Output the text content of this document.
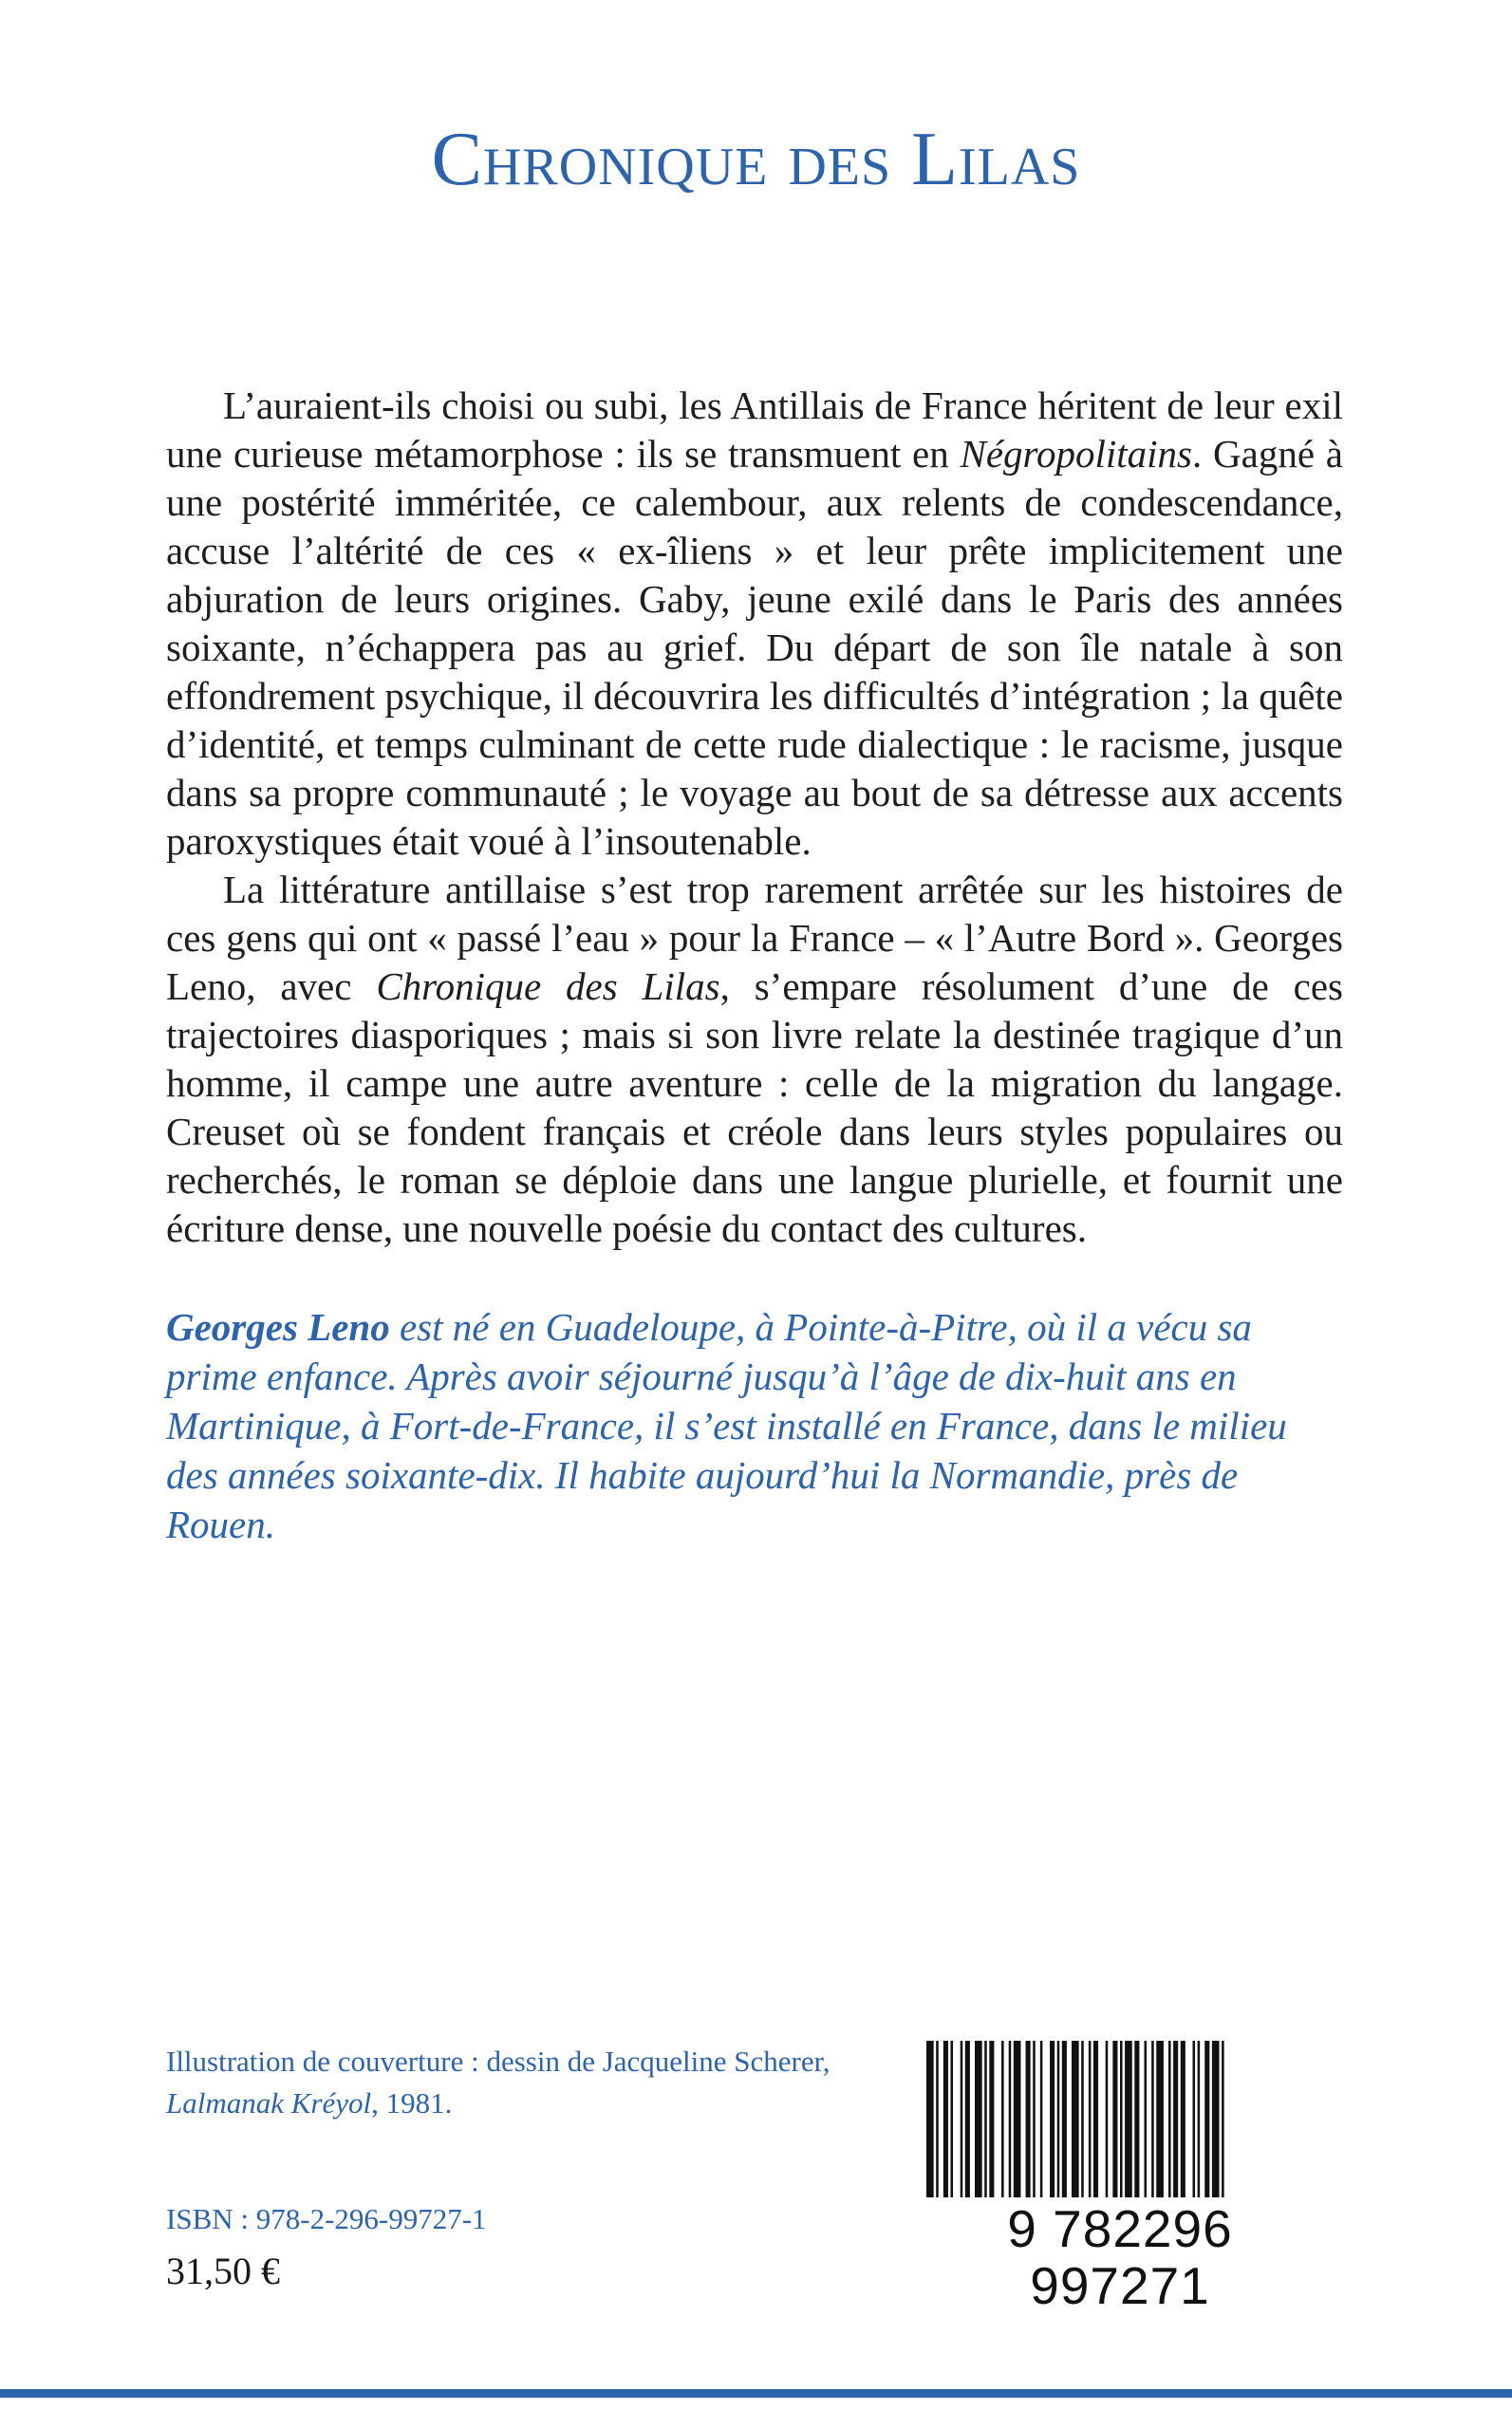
Chronique des Lilas

L’auraient-ils choisi ou subi, les Antillais de France héritent de leur exil une curieuse métamorphose : ils se transmuent en Négropolitains. Gagné à une postérité imméritée, ce calembour, aux relents de condescendance, accuse l’altérité de ces « ex-îliens » et leur prête implicitement une abjuration de leurs origines. Gaby, jeune exilé dans le Paris des années soixante, n’échappera pas au grief. Du départ de son île natale à son effondrement psychique, il découvrira les difficultés d’intégration ; la quête d’identité, et temps culminant de cette rude dialectique : le racisme, jusque dans sa propre communauté ; le voyage au bout de sa détresse aux accents paroxystiques était voué à l’insoutenable.

La littérature antillaise s’est trop rarement arrêtée sur les histoires de ces gens qui ont « passé l’eau » pour la France – « l’Autre Bord ». Georges Leno, avec Chronique des Lilas, s’empare résolument d’une de ces trajectoires diasporiques ; mais si son livre relate la destinée tragique d’un homme, il campe une autre aventure : celle de la migration du langage. Creuset où se fondent français et créole dans leurs styles populaires ou recherchés, le roman se déploie dans une langue plurielle, et fournit une écriture dense, une nouvelle poésie du contact des cultures.

Georges Leno est né en Guadeloupe, à Pointe-à-Pitre, où il a vécu sa prime enfance. Après avoir séjourné jusqu’à l’âge de dix-huit ans en Martinique, à Fort-de-France, il s’est installé en France, dans le milieu des années soixante-dix. Il habite aujourd’hui la Normandie, près de Rouen.

Illustration de couverture : dessin de Jacqueline Scherer,
Lalmanak Kréyol, 1981.
ISBN : 978-2-296-99727-1
31,50 €
9 782296 997271
